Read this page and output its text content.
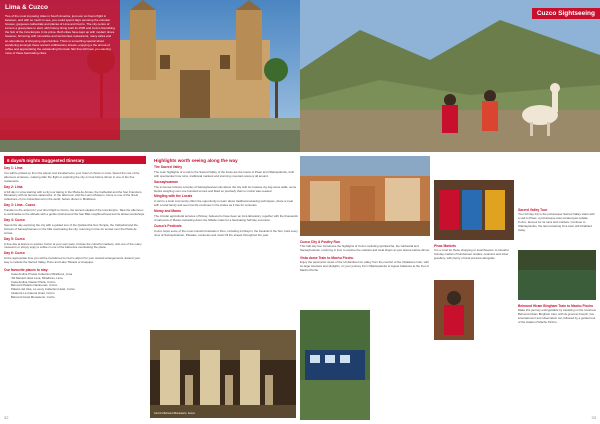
Lima & Cuzco
Two of the most imposing cities in South America, just over an hours flight in between, and with so much to see, you could spend days perusing the colonial houses, gorgeous cathedrals and plazas of Lima and Cuzco. The city centre of Lima is a great place to start, with history lining both its 1535 and Cuzco flourishing the hub of the Inca Empire in its prime. Both cities have kept up with modern times however, brimming with innovative and world-class restaurants, many cafes and an abundance of shopping opportunities. There is something special about wandering amongst these ancient cobblestone streets, enjoying a the aroma of coffee and appreciating the outstanding Peruvian flair that will have you wanting more of these fascinating cities.
6 days/5 nights Suggested Itinerary
Day 1: Lima

You will be picked up from the airport and transferred to your hotel of choice in Lima. Spend the rest of the afternoon at leisure, relaxing after the flight or exploring the city on foot before dinner in one of the fine restaurants.

Day 2: Lima

A full day in Lima starting with a city tour taking in the Plaza de Armas, the Cathedral and the San Francisco Monastery with its famous catacombs. In the afternoon visit the Larco Museum, home to one of the finest collections of pre-Columbian art in the world, before dinner in Miraflores.

Day 3: Lima - Cuzco

Transfer to the airport for your short flight to Cuzco, the ancient capital of the Inca Empire. Take the afternoon to acclimatise to the altitude with a gentle stroll around the San Blas neighbourhood and its artisan workshops.

Day 4: Cuzco

Spend the day exploring the city with a guided tour of the Qorikancha Sun Temple, the Cathedral and the fortress of Sacsayhuaman on the hills overlooking the city, returning in time for sunset over the Plaza de Armas.

Day 5: Cuzco

A free day at leisure to explore Cuzco at your own pace, browse the colourful markets, visit one of the many museums or simply enjoy a coffee in one of the balconies overlooking the plaza.

Day 6: Cuzco

At the appropriate time you will be transferred to Cuzco airport for your onward arrangements. Extend your stay to include the Sacred Valley, Puno and Lake Titicaca or Arequipa.

Our favourite places to stay:
• Casa Andina Private Collection Miraflores, Lima
• JW Marriott Hotel Lima, Miraflores, Lima
• Casa Andina Classic Plaza, Cuzco
• Belmond Palacio Nazarenas, Cuzco
• Palacio del Inka, a Luxury Collection Hotel, Cuzco
• Inkaterra La Casona Hotel, Cuzco
• Belmond Hotel Monasterio, Cuzco
Cuzco's Belmond Monasterio, Cusco
32
Cuzco Sightseeing
Cuzco City & Poultry Run
This half day tour introduces the highlights of Cuzco including Qorikancha, the Cathedral and Sacsayhuaman, returning in time to explore the markets and local shops at your leisure before dinner.
Vista dome Train to Machu Picchu
Enjoy the panoramic views of the Urubamba river valley from the comfort of the Vistadome train, with its large windows and skylights, on your journey from Ollantaytambo to Aguas Calientes at the foot of Machu Picchu.
Pisac Markets
It is a must for those shopping or local flavours. A colourful Sunday market of handwoven textiles, ceramics and silver jewellery, with plenty of local produce alongside.
Sacred Valley Tour
Your full day trip to the picturesque Sacred Valley starts with a visit to Pisac, a picturesque town located just outside Cuzco, famous for its ruins and markets. Continue to Ollantaytambo, the last remaining Inca town still inhabited today.
Belmond Hiram Bingham Train to Machu Picchu
Make this journey unforgettable by travelling on the luxurious Belmond Hiram Bingham train, with its gourmet brunch, live entertainment and observation car, followed by a guided tour of the citadel of Machu Picchu.
33
Highlights worth seeing along the way
The Sacred Valley

The main highlights of a visit to the Sacred Valley of the Incas are the towns of Pisac and Ollantaytambo, both with spectacular Inca ruins, traditional markets and stunning mountain scenery all around.

Sacsayhuaman

The immense fortress complex of Sacsayhuaman sits above the city with its massive zig-zag stone walls, some blocks weighing over one hundred tonnes and fitted so precisely that no mortar was needed.

Mingling with the Locals

A visit to a local community offers the opportunity to learn about traditional weaving techniques, share a meal with a local family and see how life continues in the Andes as it has for centuries.

Moray and Maras

The circular agricultural terraces of Moray, believed to have been an Inca laboratory, together with the thousands of salt pans of Maras cascading down the hillside make for a fascinating half day excursion.

Cuzco's Festivals

Cuzco hosts some of the most colourful festivals in Peru, including Inti Raymi, the Festival of the Sun, held every June at Sacsayhuaman. Parades, costumes and music fill the streets throughout the year.
